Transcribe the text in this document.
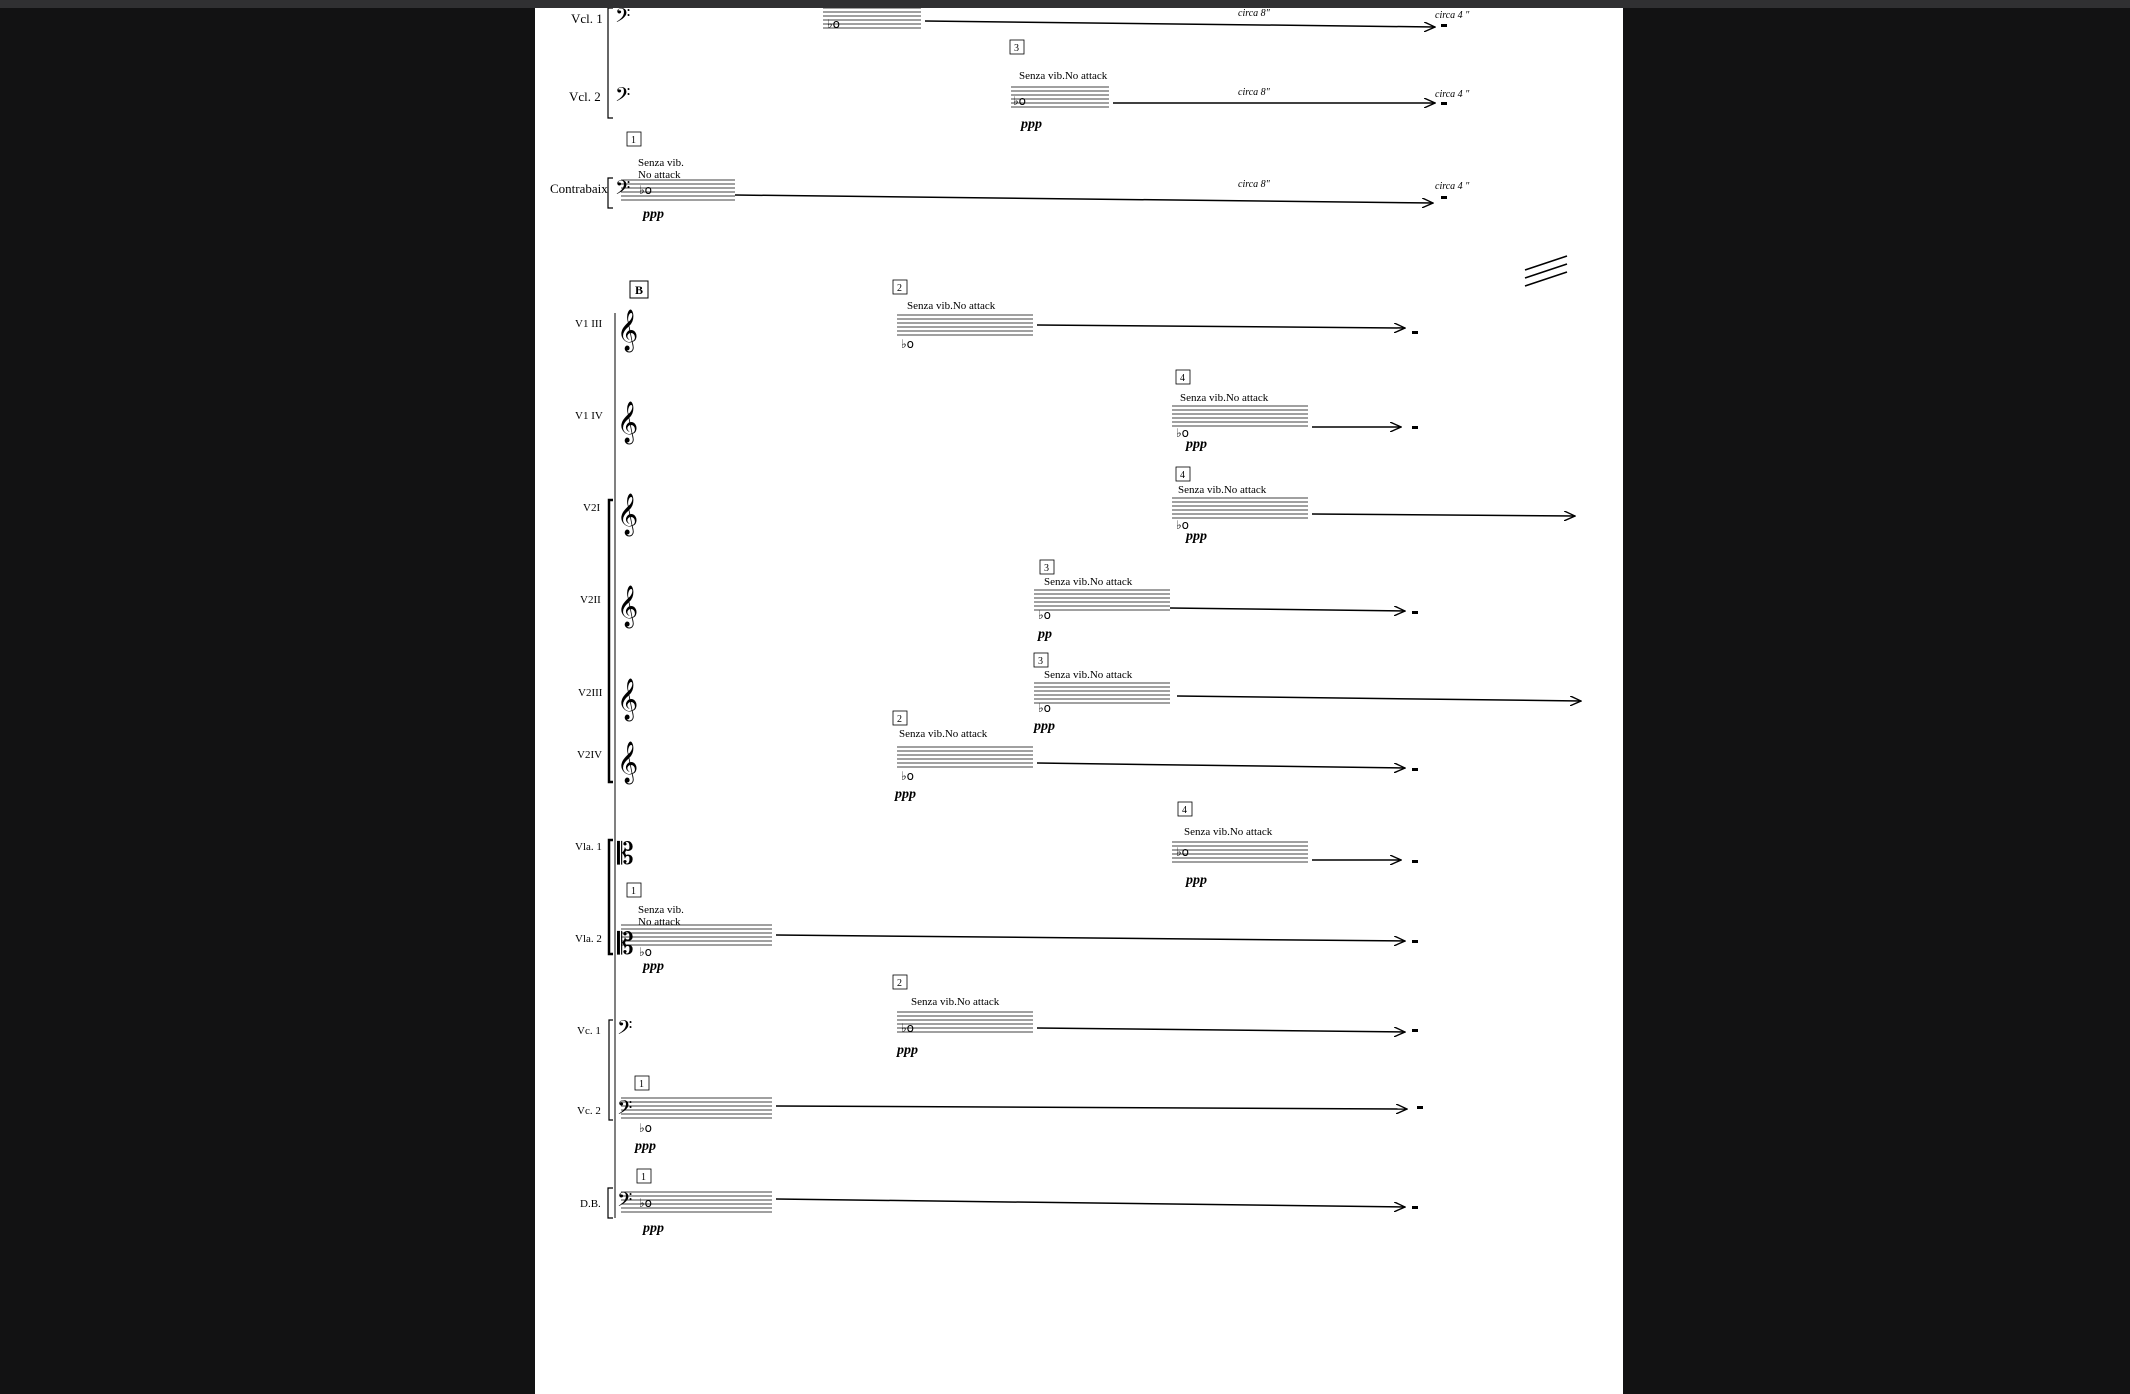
Vcl. 1 𝄢	♭o
circa 8"	circa 4 "
Vcl. 2 𝄢
3
Senza vib.No attack
♭o
ppp
circa 8"	circa 4 "
Contrabaix 𝄢
1
Senza vib.
No attack
♭o
ppp
circa 8"	circa 4 "
B
V1 III 𝄞
2
Senza vib.No attack
♭o
V1 IV 𝄞
4
Senza vib.No attack
♭o
ppp
V2I 𝄞
4
Senza vib.No attack
♭o
ppp
V2II 𝄞
3
Senza vib.No attack
♭o
pp
V2III 𝄞
3
Senza vib.No attack
♭o
ppp
V2IV 𝄞
2
Senza vib.No attack
♭o
ppp
Vla. 1 𝄡
4
Senza vib.No attack
♭o
ppp
Vla. 2 𝄡
1
Senza vib.
No attack
♭o
ppp
Vc. 1 𝄢
2
Senza vib.No attack
♭o
ppp
Vc. 2 𝄢
1
♭o
ppp
D.B. 𝄢
1
♭o
ppp
